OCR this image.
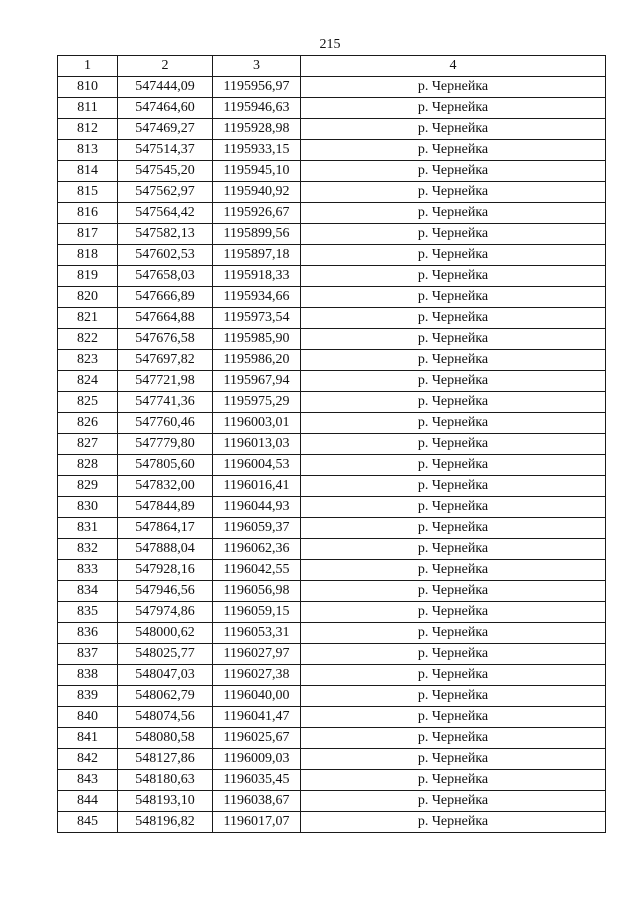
215
1	2	3	4
810	547444,09	1195956,97	р. Чернейка
811	547464,60	1195946,63	р. Чернейка
812	547469,27	1195928,98	р. Чернейка
813	547514,37	1195933,15	р. Чернейка
814	547545,20	1195945,10	р. Чернейка
815	547562,97	1195940,92	р. Чернейка
816	547564,42	1195926,67	р. Чернейка
817	547582,13	1195899,56	р. Чернейка
818	547602,53	1195897,18	р. Чернейка
819	547658,03	1195918,33	р. Чернейка
820	547666,89	1195934,66	р. Чернейка
821	547664,88	1195973,54	р. Чернейка
822	547676,58	1195985,90	р. Чернейка
823	547697,82	1195986,20	р. Чернейка
824	547721,98	1195967,94	р. Чернейка
825	547741,36	1195975,29	р. Чернейка
826	547760,46	1196003,01	р. Чернейка
827	547779,80	1196013,03	р. Чернейка
828	547805,60	1196004,53	р. Чернейка
829	547832,00	1196016,41	р. Чернейка
830	547844,89	1196044,93	р. Чернейка
831	547864,17	1196059,37	р. Чернейка
832	547888,04	1196062,36	р. Чернейка
833	547928,16	1196042,55	р. Чернейка
834	547946,56	1196056,98	р. Чернейка
835	547974,86	1196059,15	р. Чернейка
836	548000,62	1196053,31	р. Чернейка
837	548025,77	1196027,97	р. Чернейка
838	548047,03	1196027,38	р. Чернейка
839	548062,79	1196040,00	р. Чернейка
840	548074,56	1196041,47	р. Чернейка
841	548080,58	1196025,67	р. Чернейка
842	548127,86	1196009,03	р. Чернейка
843	548180,63	1196035,45	р. Чернейка
844	548193,10	1196038,67	р. Чернейка
845	548196,82	1196017,07	р. Чернейка
